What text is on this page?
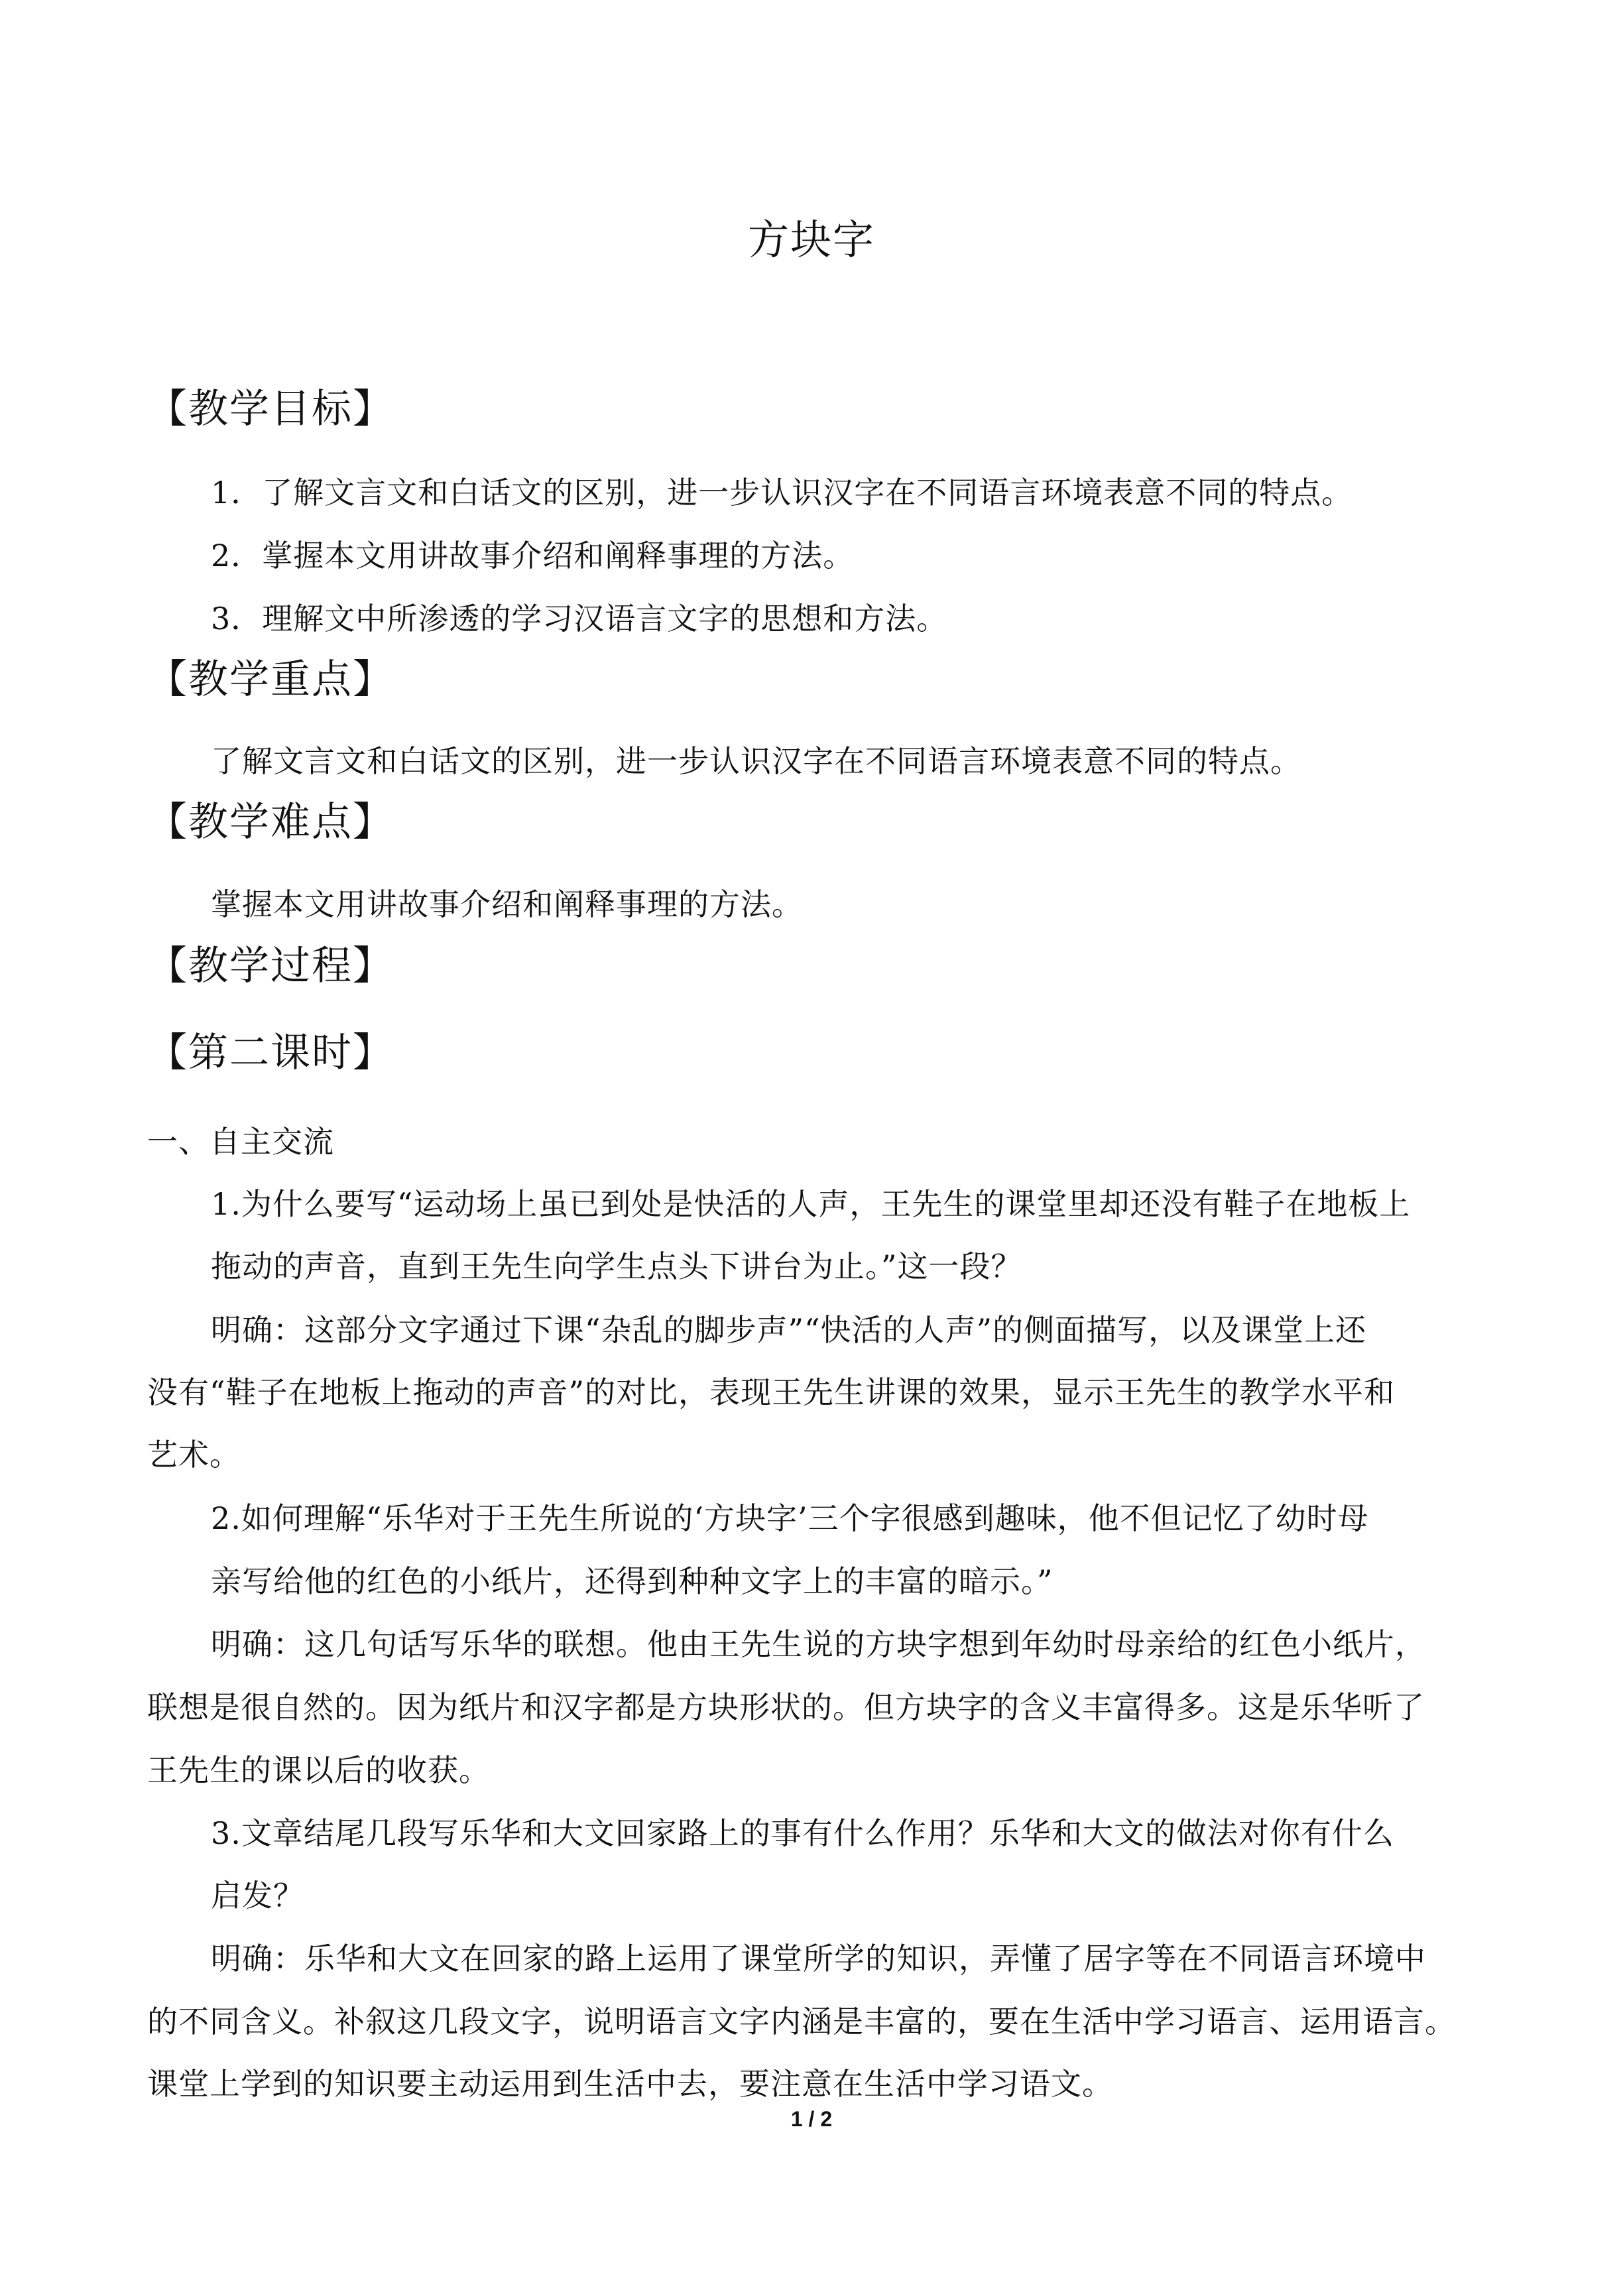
方块字
【教学目标】
1．了解文言文和白话文的区别，进一步认识汉字在不同语言环境表意不同的特点。
2．掌握本文用讲故事介绍和阐释事理的方法。
3．理解文中所渗透的学习汉语言文字的思想和方法。
【教学重点】
了解文言文和白话文的区别，进一步认识汉字在不同语言环境表意不同的特点。
【教学难点】
掌握本文用讲故事介绍和阐释事理的方法。
【教学过程】
【第二课时】
一、自主交流
1.为什么要写“运动场上虽已到处是快活的人声，王先生的课堂里却还没有鞋子在地板上
拖动的声音，直到王先生向学生点头下讲台为止。”这一段？
明确：这部分文字通过下课“杂乱的脚步声”“快活的人声”的侧面描写，以及课堂上还
没有“鞋子在地板上拖动的声音”的对比，表现王先生讲课的效果，显示王先生的教学水平和
艺术。
2.如何理解“乐华对于王先生所说的‘方块字’三个字很感到趣味，他不但记忆了幼时母
亲写给他的红色的小纸片，还得到种种文字上的丰富的暗示。”
明确：这几句话写乐华的联想。他由王先生说的方块字想到年幼时母亲给的红色小纸片，
联想是很自然的。因为纸片和汉字都是方块形状的。但方块字的含义丰富得多。这是乐华听了
王先生的课以后的收获。
3.文章结尾几段写乐华和大文回家路上的事有什么作用？乐华和大文的做法对你有什么
启发？
明确：乐华和大文在回家的路上运用了课堂所学的知识，弄懂了居字等在不同语言环境中
的不同含义。补叙这几段文字，说明语言文字内涵是丰富的，要在生活中学习语言、运用语言。
课堂上学到的知识要主动运用到生活中去，要注意在生活中学习语文。
1 / 2
